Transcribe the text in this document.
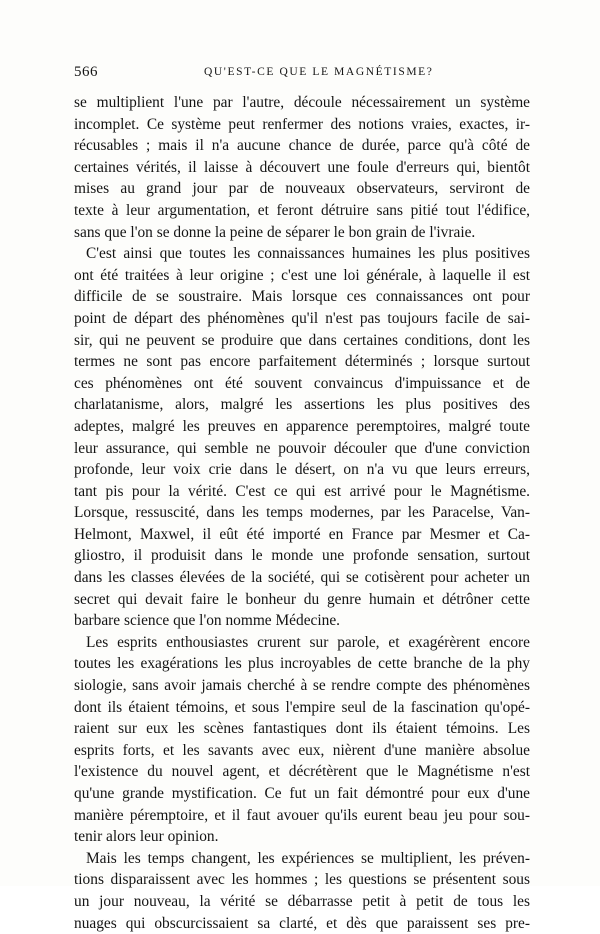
566	QU'EST-CE QUE LE MAGNÉTISME?
se multiplient l'une par l'autre, découle nécessairement un système
incomplet. Ce système peut renfermer des notions vraies, exactes, ir-
récusables ; mais il n'a aucune chance de durée, parce qu'à côté de
certaines vérités, il laisse à découvert une foule d'erreurs qui, bientôt
mises au grand jour par de nouveaux observateurs, serviront de
texte à leur argumentation, et feront détruire sans pitié tout l'édifice,
sans que l'on se donne la peine de séparer le bon grain de l'ivraie.
C'est ainsi que toutes les connaissances humaines les plus positives
ont été traitées à leur origine ; c'est une loi générale, à laquelle il est
difficile de se soustraire. Mais lorsque ces connaissances ont pour
point de départ des phénomènes qu'il n'est pas toujours facile de sai-
sir, qui ne peuvent se produire que dans certaines conditions, dont les
termes ne sont pas encore parfaitement déterminés ; lorsque surtout
ces phénomènes ont été souvent convaincus d'impuissance et de
charlatanisme, alors, malgré les assertions les plus positives des
adeptes, malgré les preuves en apparence peremptoires, malgré toute
leur assurance, qui semble ne pouvoir découler que d'une conviction
profonde, leur voix crie dans le désert, on n'a vu que leurs erreurs,
tant pis pour la vérité. C'est ce qui est arrivé pour le Magnétisme.
Lorsque, ressuscité, dans les temps modernes, par les Paracelse, Van-
Helmont, Maxwel, il eût été importé en France par Mesmer et Ca-
gliostro, il produisit dans le monde une profonde sensation, surtout
dans les classes élevées de la société, qui se cotisèrent pour acheter un
secret qui devait faire le bonheur du genre humain et détrôner cette
barbare science que l'on nomme Médecine.
Les esprits enthousiastes crurent sur parole, et exagérèrent encore
toutes les exagérations les plus incroyables de cette branche de la phy
siologie, sans avoir jamais cherché à se rendre compte des phénomènes
dont ils étaient témoins, et sous l'empire seul de la fascination qu'opé-
raient sur eux les scènes fantastiques dont ils étaient témoins. Les
esprits forts, et les savants avec eux, nièrent d'une manière absolue
l'existence du nouvel agent, et décrétèrent que le Magnétisme n'est
qu'une grande mystification. Ce fut un fait démontré pour eux d'une
manière péremptoire, et il faut avouer qu'ils eurent beau jeu pour sou-
tenir alors leur opinion.
Mais les temps changent, les expériences se multiplient, les préven-
tions disparaissent avec les hommes ; les questions se présentent sous
un jour nouveau, la vérité se débarrasse petit à petit de tous les
nuages qui obscurcissaient sa clarté, et dès que paraissent ses pre-
